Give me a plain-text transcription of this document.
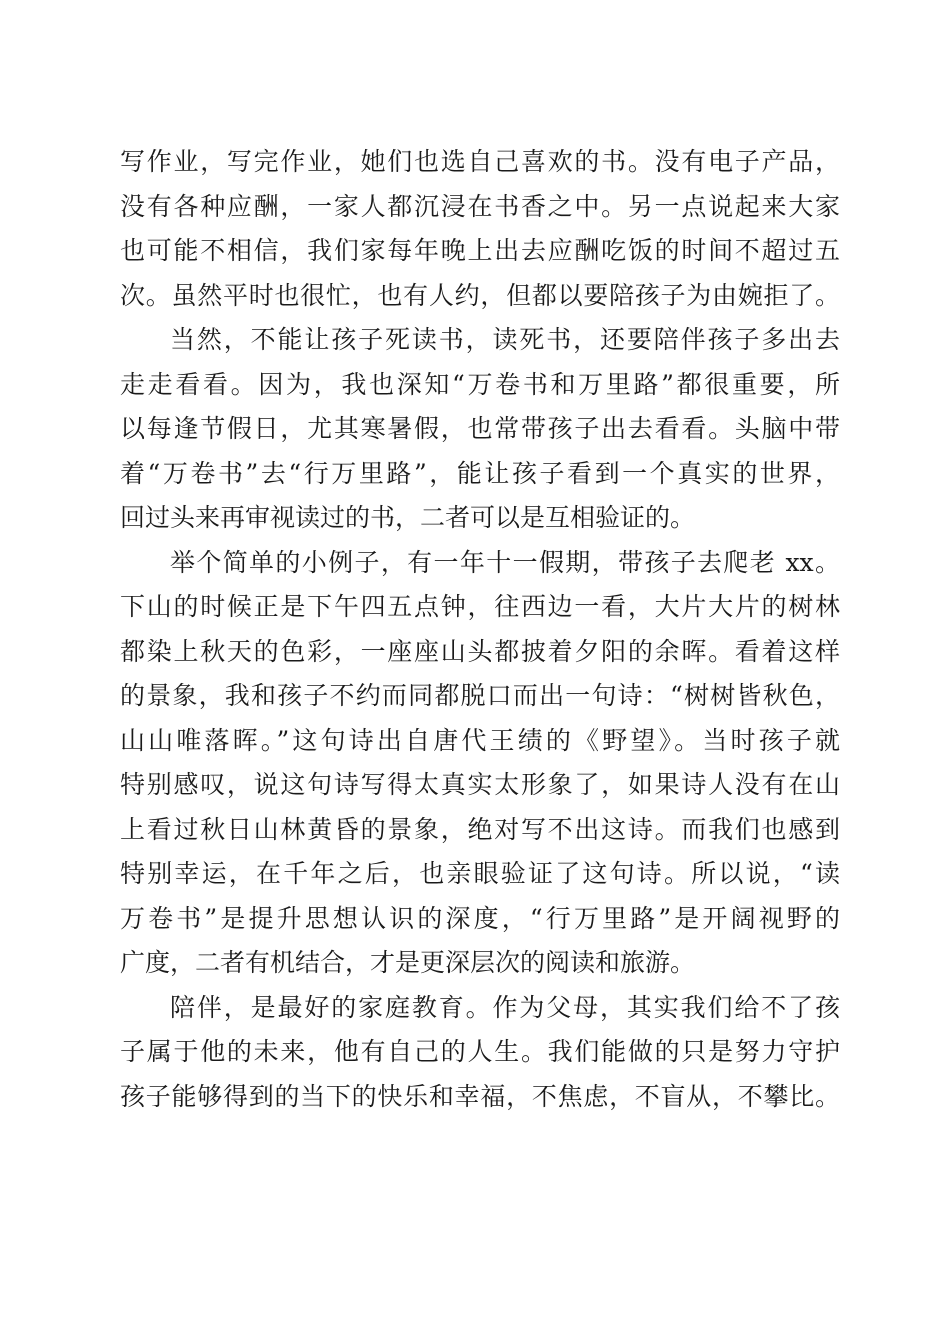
写作业，写完作业，她们也选自己喜欢的书。没有电子产品，
没有各种应酬，一家人都沉浸在书香之中。另一点说起来大家
也可能不相信，我们家每年晚上出去应酬吃饭的时间不超过五
次。虽然平时也很忙，也有人约，但都以要陪孩子为由婉拒了。
当然，不能让孩子死读书，读死书，还要陪伴孩子多出去
走走看看。因为，我也深知“万卷书和万里路”都很重要，所
以每逢节假日，尤其寒暑假，也常带孩子出去看看。头脑中带
着“万卷书”去“行万里路”，能让孩子看到一个真实的世界，
回过头来再审视读过的书，二者可以是互相验证的。
举个简单的小例子，有一年十一假期，带孩子去爬老 xx。
下山的时候正是下午四五点钟，往西边一看，大片大片的树林
都染上秋天的色彩，一座座山头都披着夕阳的余晖。看着这样
的景象，我和孩子不约而同都脱口而出一句诗：“树树皆秋色，
山山唯落晖。”这句诗出自唐代王绩的《野望》。当时孩子就
特别感叹，说这句诗写得太真实太形象了，如果诗人没有在山
上看过秋日山林黄昏的景象，绝对写不出这诗。而我们也感到
特别幸运，在千年之后，也亲眼验证了这句诗。所以说，“读
万卷书”是提升思想认识的深度，“行万里路”是开阔视野的
广度，二者有机结合，才是更深层次的阅读和旅游。
陪伴，是最好的家庭教育。作为父母，其实我们给不了孩
子属于他的未来，他有自己的人生。我们能做的只是努力守护
孩子能够得到的当下的快乐和幸福，不焦虑，不盲从，不攀比。
